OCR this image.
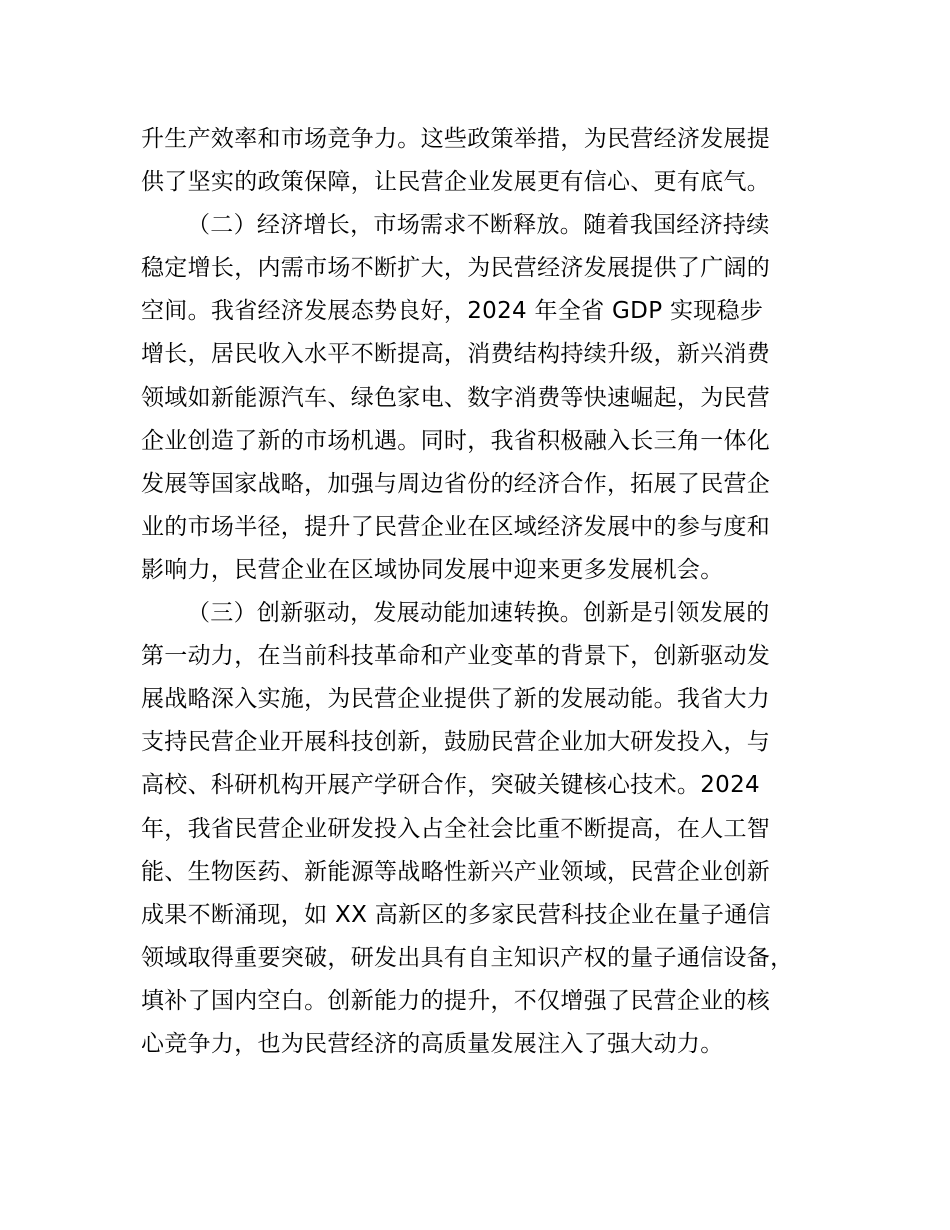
升生产效率和市场竞争力。这些政策举措，为民营经济发展提
供了坚实的政策保障，让民营企业发展更有信心、更有底气。
（二）经济增长，市场需求不断释放。随着我国经济持续
稳定增长，内需市场不断扩大，为民营经济发展提供了广阔的
空间。我省经济发展态势良好，2024 年全省 GDP 实现稳步
增长，居民收入水平不断提高，消费结构持续升级，新兴消费
领域如新能源汽车、绿色家电、数字消费等快速崛起，为民营
企业创造了新的市场机遇。同时，我省积极融入长三角一体化
发展等国家战略，加强与周边省份的经济合作，拓展了民营企
业的市场半径，提升了民营企业在区域经济发展中的参与度和
影响力，民营企业在区域协同发展中迎来更多发展机会。
（三）创新驱动，发展动能加速转换。创新是引领发展的
第一动力，在当前科技革命和产业变革的背景下，创新驱动发
展战略深入实施，为民营企业提供了新的发展动能。我省大力
支持民营企业开展科技创新，鼓励民营企业加大研发投入，与
高校、科研机构开展产学研合作，突破关键核心技术。2024
年，我省民营企业研发投入占全社会比重不断提高，在人工智
能、生物医药、新能源等战略性新兴产业领域，民营企业创新
成果不断涌现，如 XX 高新区的多家民营科技企业在量子通信
领域取得重要突破，研发出具有自主知识产权的量子通信设备，
填补了国内空白。创新能力的提升，不仅增强了民营企业的核
心竞争力，也为民营经济的高质量发展注入了强大动力。
